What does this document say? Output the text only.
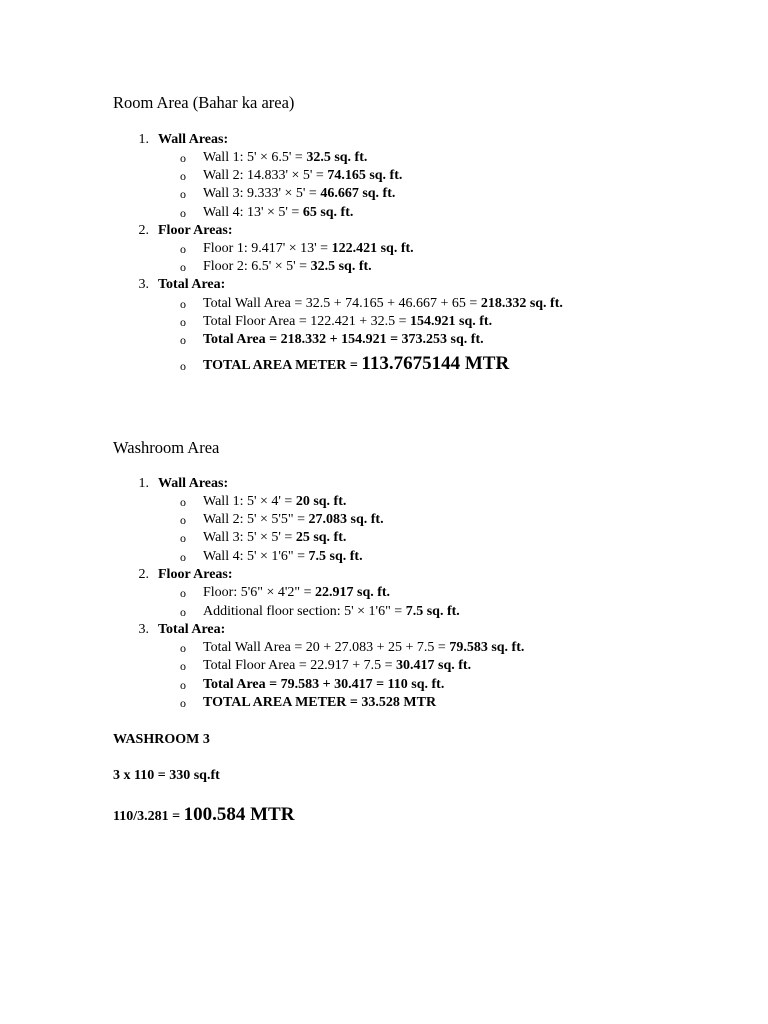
Room Area (Bahar ka area)
1. Wall Areas:
o Wall 1: 5' × 6.5' = 32.5 sq. ft.
o Wall 2: 14.833' × 5' = 74.165 sq. ft.
o Wall 3: 9.333' × 5' = 46.667 sq. ft.
o Wall 4: 13' × 5' = 65 sq. ft.
2. Floor Areas:
o Floor 1: 9.417' × 13' = 122.421 sq. ft.
o Floor 2: 6.5' × 5' = 32.5 sq. ft.
3. Total Area:
o Total Wall Area = 32.5 + 74.165 + 46.667 + 65 = 218.332 sq. ft.
o Total Floor Area = 122.421 + 32.5 = 154.921 sq. ft.
o Total Area = 218.332 + 154.921 = 373.253 sq. ft.
o TOTAL AREA METER = 113.7675144 MTR
Washroom Area
1. Wall Areas:
o Wall 1: 5' × 4' = 20 sq. ft.
o Wall 2: 5' × 5'5" = 27.083 sq. ft.
o Wall 3: 5' × 5' = 25 sq. ft.
o Wall 4: 5' × 1'6" = 7.5 sq. ft.
2. Floor Areas:
o Floor: 5'6" × 4'2" = 22.917 sq. ft.
o Additional floor section: 5' × 1'6" = 7.5 sq. ft.
3. Total Area:
o Total Wall Area = 20 + 27.083 + 25 + 7.5 = 79.583 sq. ft.
o Total Floor Area = 22.917 + 7.5 = 30.417 sq. ft.
o Total Area = 79.583 + 30.417 = 110 sq. ft.
o TOTAL AREA METER = 33.528 MTR
WASHROOM 3
3 x 110 = 330 sq.ft
110/3.281 = 100.584 MTR
